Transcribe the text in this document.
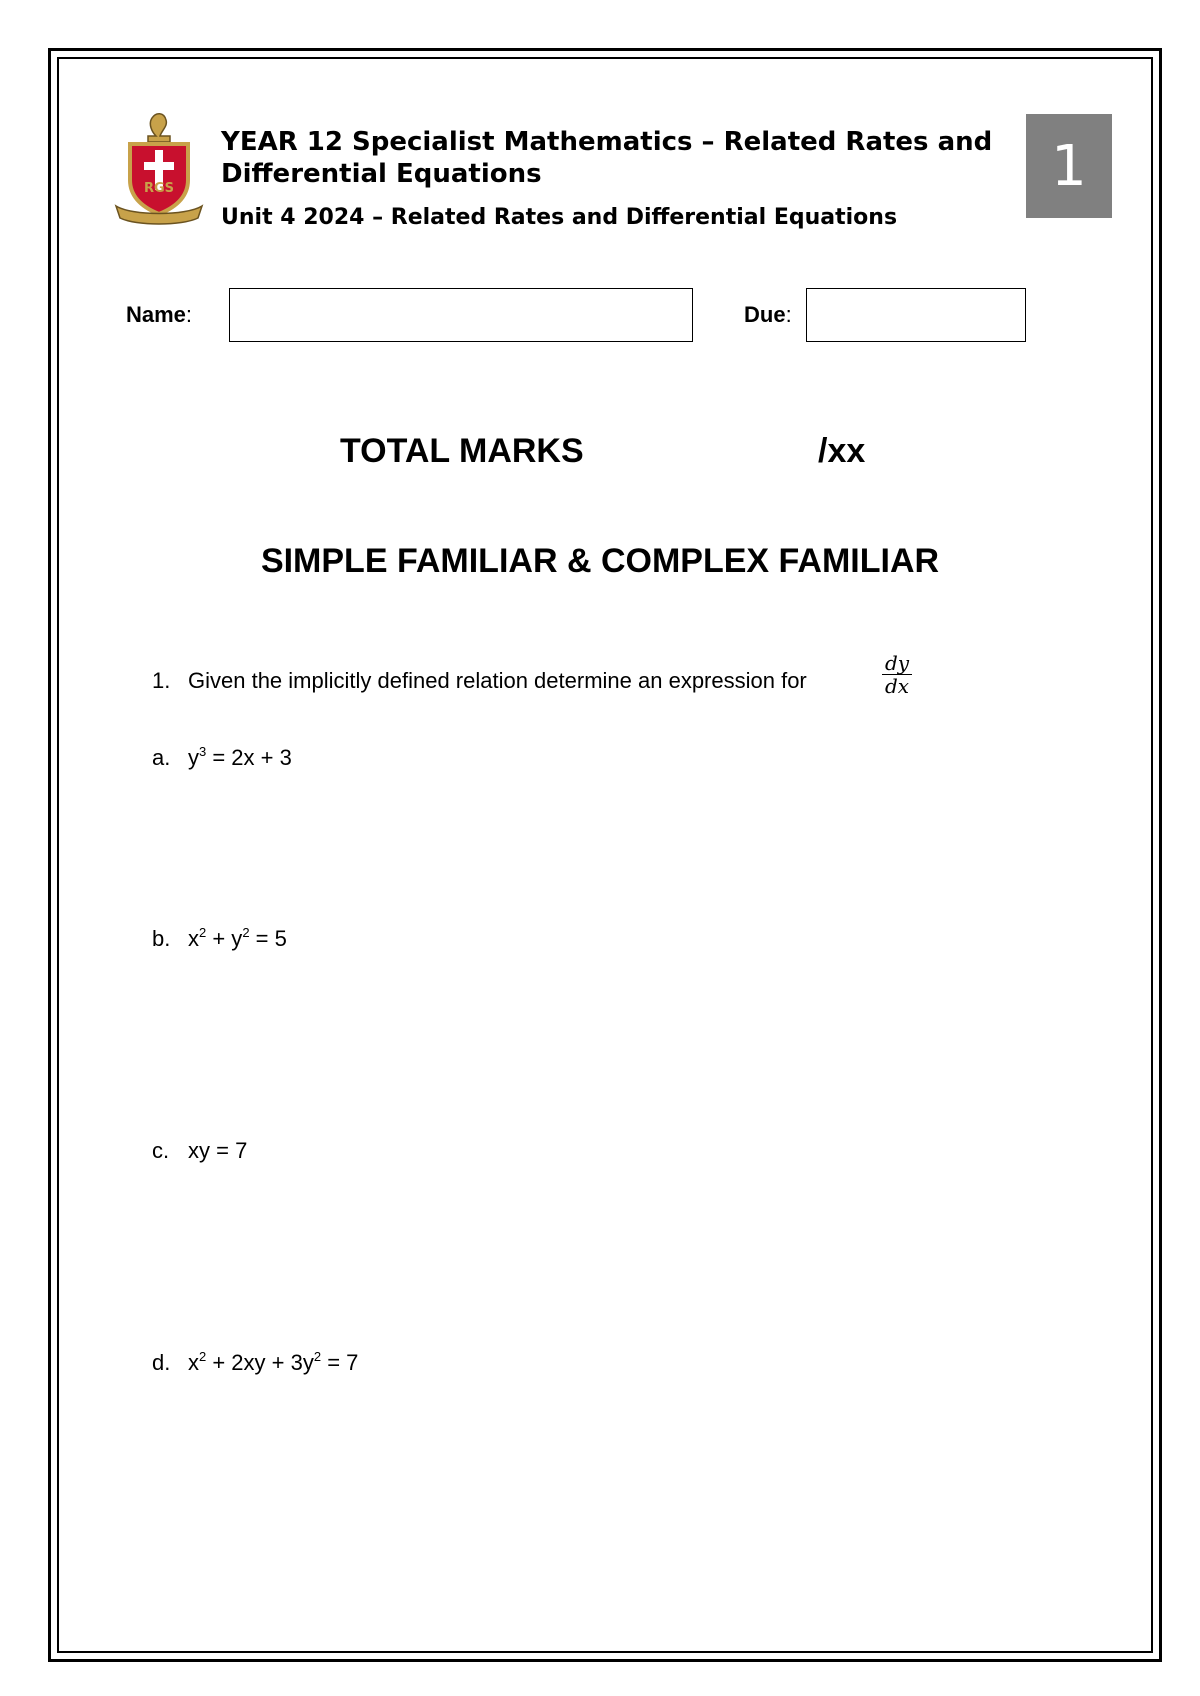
RGS
YEAR 12 Specialist Mathematics – Related Rates and Differential Equations
Unit 4 2024 – Related Rates and Differential Equations
1
Name:	Due:
TOTAL MARKS	/xx
SIMPLE FAMILIAR & COMPLEX FAMILIAR
1. Given the implicitly defined relation determine an expression for
dy
dx
a. $y^3 = 2x + 3$
b. $x^2 + y^2 = 5$
c. xy = 7
d. $x^2 + 2xy + 3y^2 = 7$
